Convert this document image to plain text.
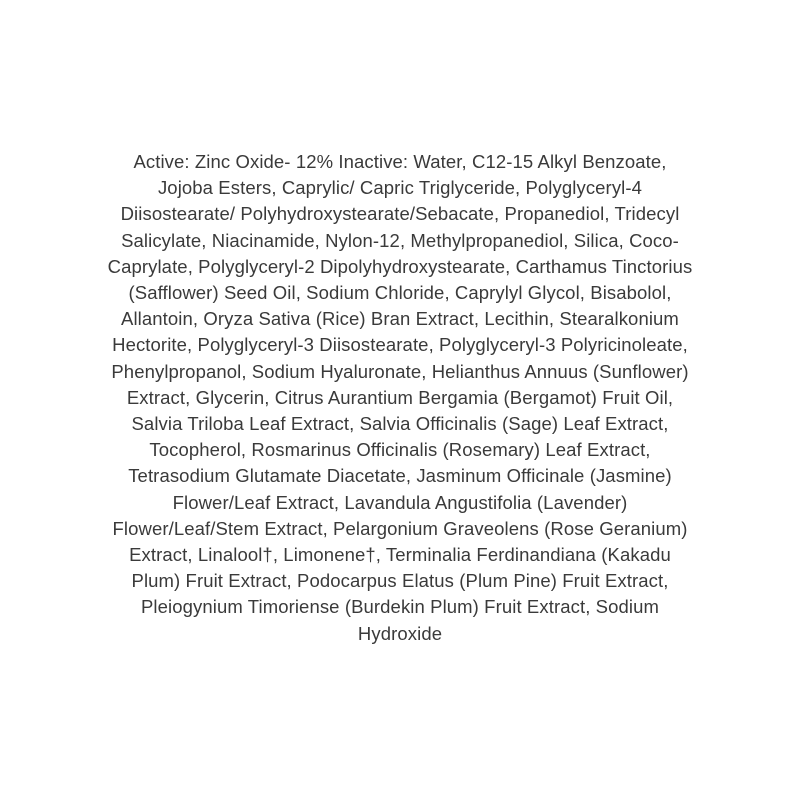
Active: Zinc Oxide- 12% Inactive: Water, C12-15 Alkyl Benzoate,
Jojoba Esters, Caprylic/ Capric Triglyceride, Polyglyceryl-4
Diisostearate/ Polyhydroxystearate/Sebacate, Propanediol, Tridecyl
Salicylate, Niacinamide, Nylon-12, Methylpropanediol, Silica, Coco-
Caprylate, Polyglyceryl-2 Dipolyhydroxystearate, Carthamus Tinctorius
(Safflower) Seed Oil, Sodium Chloride, Caprylyl Glycol, Bisabolol,
Allantoin, Oryza Sativa (Rice) Bran Extract, Lecithin, Stearalkonium
Hectorite, Polyglyceryl-3 Diisostearate, Polyglyceryl-3 Polyricinoleate,
Phenylpropanol, Sodium Hyaluronate, Helianthus Annuus (Sunflower)
Extract, Glycerin, Citrus Aurantium Bergamia (Bergamot) Fruit Oil,
Salvia Triloba Leaf Extract, Salvia Officinalis (Sage) Leaf Extract,
Tocopherol, Rosmarinus Officinalis (Rosemary) Leaf Extract,
Tetrasodium Glutamate Diacetate, Jasminum Officinale (Jasmine)
Flower/Leaf Extract, Lavandula Angustifolia (Lavender)
Flower/Leaf/Stem Extract, Pelargonium Graveolens (Rose Geranium)
Extract, Linalool†, Limonene†, Terminalia Ferdinandiana (Kakadu
Plum) Fruit Extract, Podocarpus Elatus (Plum Pine) Fruit Extract,
Pleiogynium Timoriense (Burdekin Plum) Fruit Extract, Sodium
Hydroxide
